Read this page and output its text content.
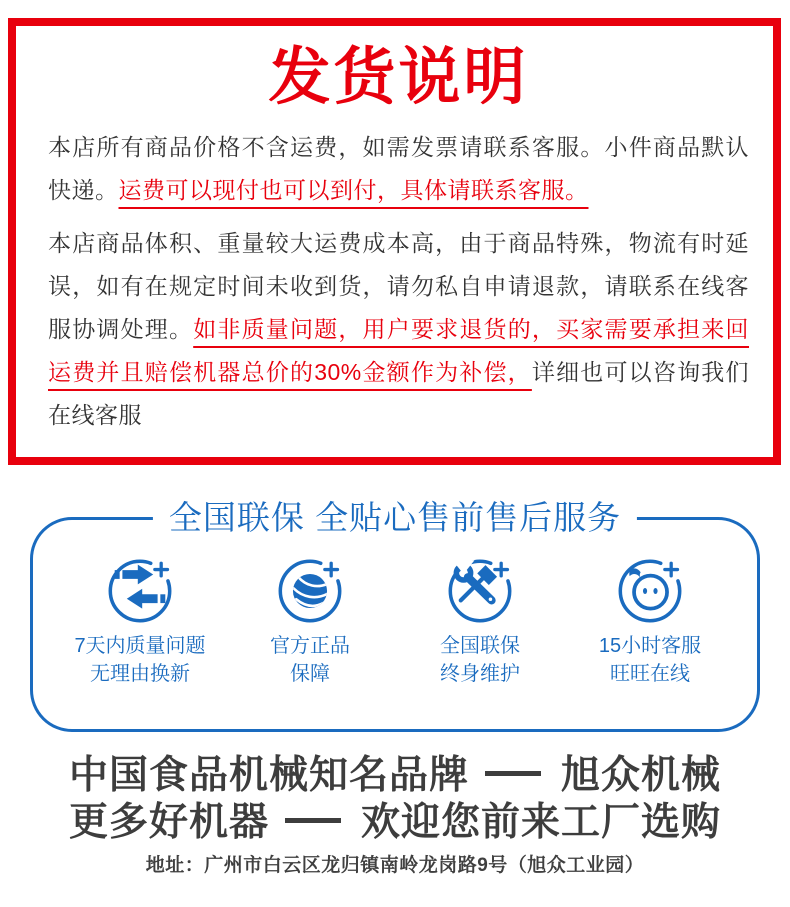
发货说明

本店所有商品价格不含运费，如需发票请联系客服。小件商品默认快递。运费可以现付也可以到付，具体请联系客服。

本店商品体积、重量较大运费成本高，由于商品特殊，物流有时延误，如有在规定时间未收到货，请勿私自申请退款，请联系在线客服协调处理。如非质量问题，用户要求退货的，买家需要承担来回运费并且赔偿机器总价的30%金额作为补偿，详细也可以咨询我们在线客服

全国联保 全贴心售前售后服务
7天内质量问题
无理由换新
官方正品
保障
全国联保
终身维护
15小时客服
旺旺在线
中国食品机械知名品牌 旭众机械
更多好机器 欢迎您前来工厂选购
地址：广州市白云区龙归镇南岭龙岗路9号（旭众工业园）
